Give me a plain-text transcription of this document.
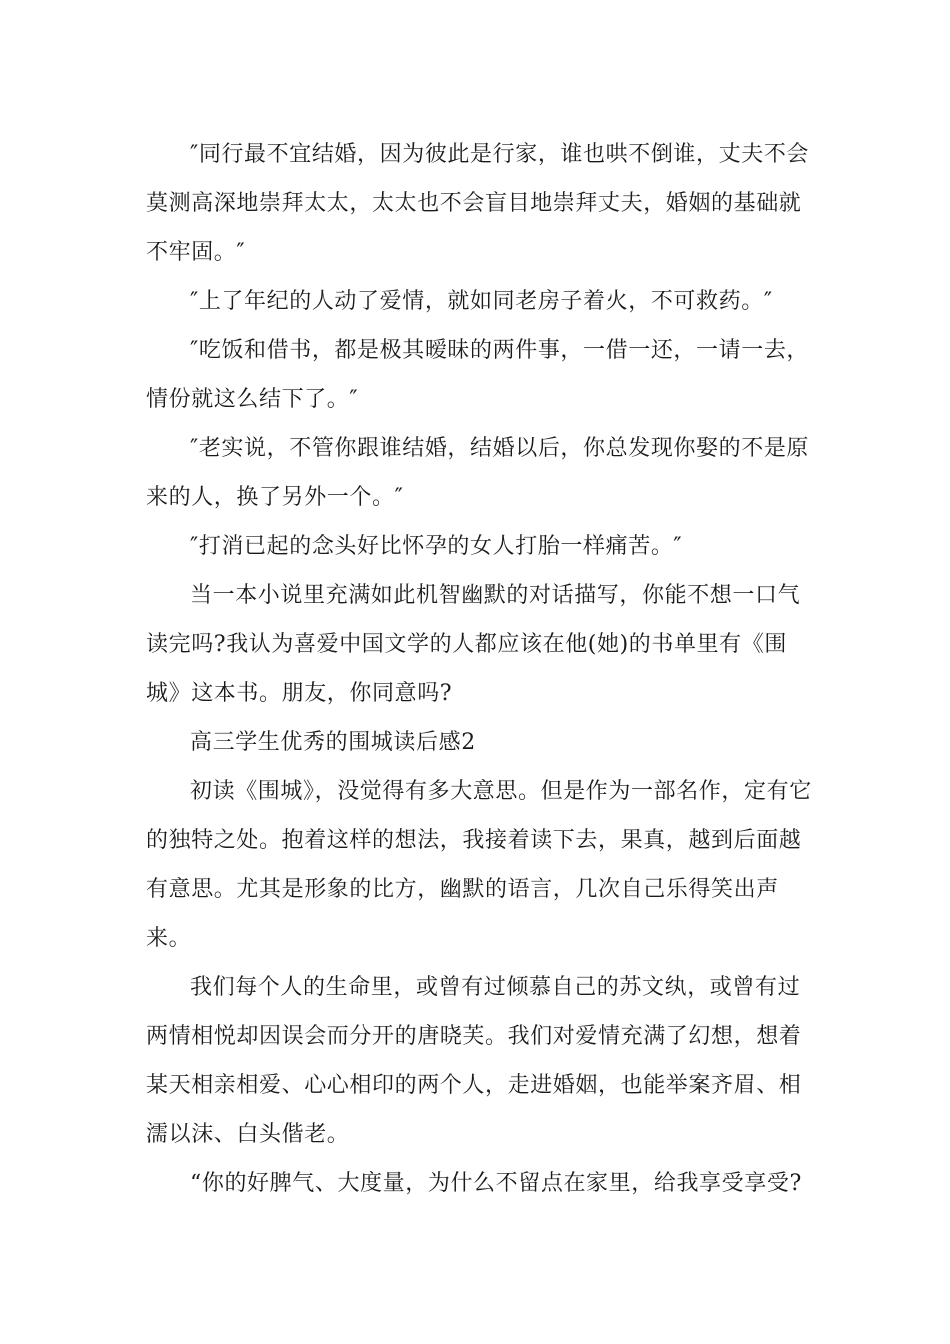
″同行最不宜结婚，因为彼此是行家，谁也哄不倒谁，丈夫不会莫测高深地崇拜太太，太太也不会盲目地崇拜丈夫，婚姻的基础就不牢固。″

″上了年纪的人动了爱情，就如同老房子着火，不可救药。″

″吃饭和借书，都是极其暧昧的两件事，一借一还，一请一去，情份就这么结下了。″

″老实说，不管你跟谁结婚，结婚以后，你总发现你娶的不是原来的人，换了另外一个。″

″打消已起的念头好比怀孕的女人打胎一样痛苦。″

当一本小说里充满如此机智幽默的对话描写，你能不想一口气读完吗?我认为喜爱中国文学的人都应该在他(她)的书单里有《围城》这本书。朋友，你同意吗?

高三学生优秀的围城读后感2

初读《围城》，没觉得有多大意思。但是作为一部名作，定有它的独特之处。抱着这样的想法，我接着读下去，果真，越到后面越有意思。尤其是形象的比方，幽默的语言，几次自己乐得笑出声来。

我们每个人的生命里，或曾有过倾慕自己的苏文纨，或曾有过两情相悦却因误会而分开的唐晓芙。我们对爱情充满了幻想，想着某天相亲相爱、心心相印的两个人，走进婚姻，也能举案齐眉、相濡以沫、白头偕老。

“你的好脾气、大度量，为什么不留点在家里，给我享受享受?
